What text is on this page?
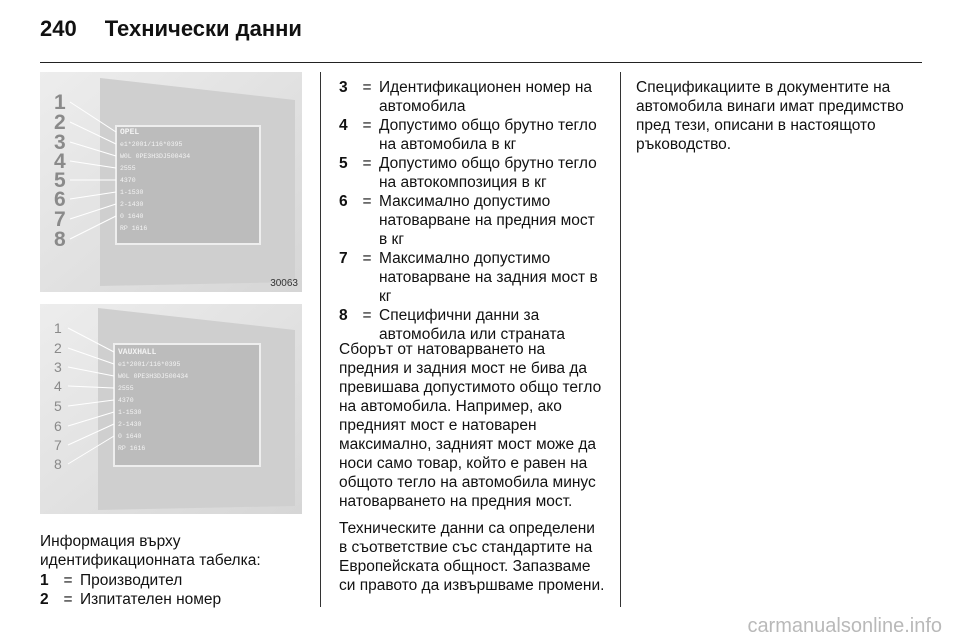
240 Технически данни
1
2
3
4
5
6
7
8
OPEL
e1*2001/116*0395
W0L 0PE3H3DJ500434
2555
4370
1-1530
2-1430
0 1640
RP 1616
30063
1
2
3
4
5
6
7
8
VAUXHALL
e1*2001/116*0395
W0L 0PE3H3DJ500434
2555
4370
1-1530
2-1430
0 1640
RP 1616
Информация върху идентификационната табелка:
1 = Производител
2 = Изпитателен номер
3 = Идентификационен номер на автомобила
4 = Допустимо общо брутно тегло на автомобила в кг
5 = Допустимо общо брутно тегло на автокомпозиция в кг
6 = Максимално допустимо натоварване на предния мост в кг
7 = Максимално допустимо натоварване на задния мост в кг
8 = Специфични данни за автомобила или страната

Сборът от натоварването на предния и задния мост не бива да превишава допустимото общо тегло на автомобила. Например, ако предният мост е натоварен максимално, задният мост може да носи само товар, който е равен на общото тегло на автомобила минус натоварването на предния мост.

Техническите данни са определени в съответствие със стандартите на Европейската общност. Запазваме си правото да извършваме промени.

Спецификациите в документите на автомобила винаги имат предимство пред тези, описани в настоящото ръководство.

carmanualsonline.info
